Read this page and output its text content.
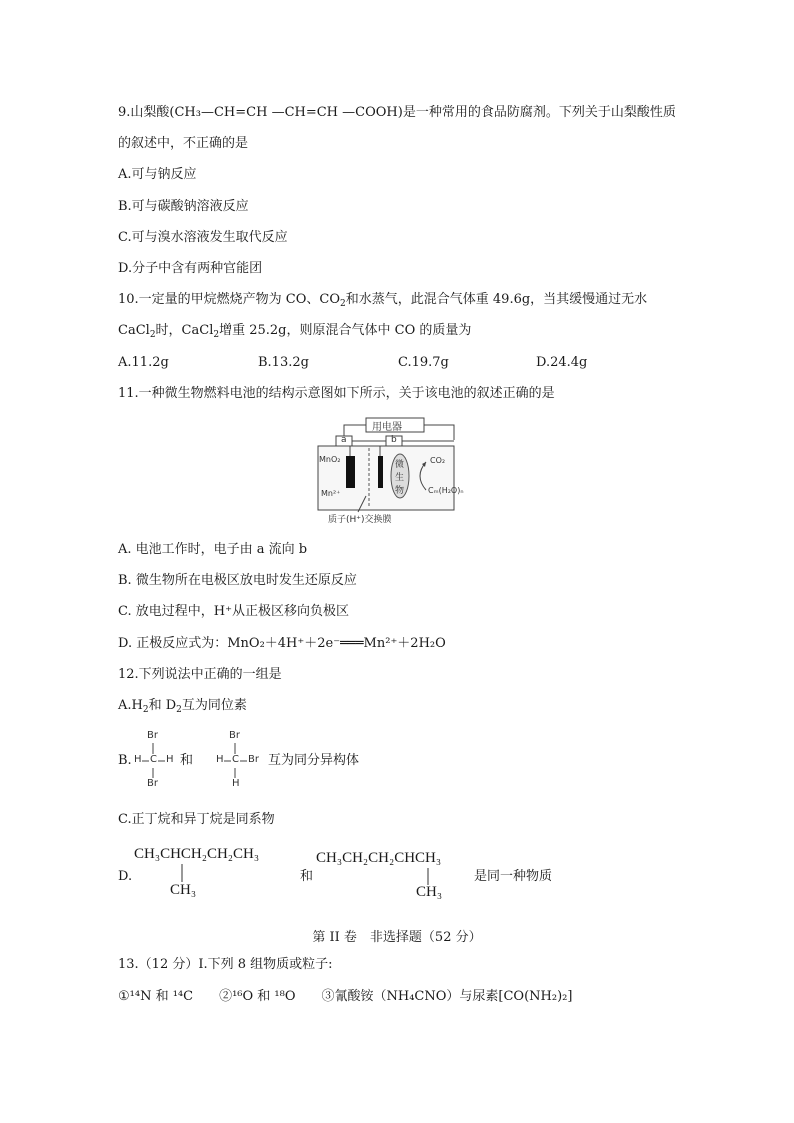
9.山梨酸(CH₃—CH=CH —CH=CH —COOH)是一种常用的食品防腐剂。下列关于山梨酸性质
的叙述中，不正确的是
A.可与钠反应
B.可与碳酸钠溶液反应
C.可与溴水溶液发生取代反应
D.分子中含有两种官能团
10.一定量的甲烷燃烧产物为 CO、$CO_2$和水蒸气，此混合气体重 49.6g，当其缓慢通过无水
CaCl$_2$时，CaCl$_2$增重 25.2g，则原混合气体中 CO 的质量为
A.11.2g	B.13.2g	C.19.7g	D.24.4g
11.一种微生物燃料电池的结构示意图如下所示，关于该电池的叙述正确的是
用电器
a	b
MnO₂
Mn²⁺
微
生
物
CO₂
Cₘ(H₂O)ₙ
质子(H⁺)交换膜
A. 电池工作时，电子由 a 流向 b
B. 微生物所在电极区放电时发生还原反应
C. 放电过程中，H⁺从正极区移向负极区
D. 正极反应式为：MnO₂＋4H⁺＋2e⁻═══Mn²⁺＋2H₂O
12.下列说法中正确的一组是
$A.H_2$和 $D_2$互为同位素
B.
Br
H C H
Br
和
Br
H C Br
H
互为同分异构体
C.正丁烷和异丁烷是同系物
D.
CH₃CHCH₂CH₂CH₃
CH₃
和
CH₃CH₂CH₂CHCH₃
CH₃
是同一种物质
第 II 卷　非选择题（52 分）
13.（12 分）Ⅰ.下列 8 组物质或粒子:
①¹⁴N 和 ¹⁴C　　②¹⁶O 和 ¹⁸O　　③氰酸铵（NH₄CNO）与尿素[CO(NH₂)₂]
